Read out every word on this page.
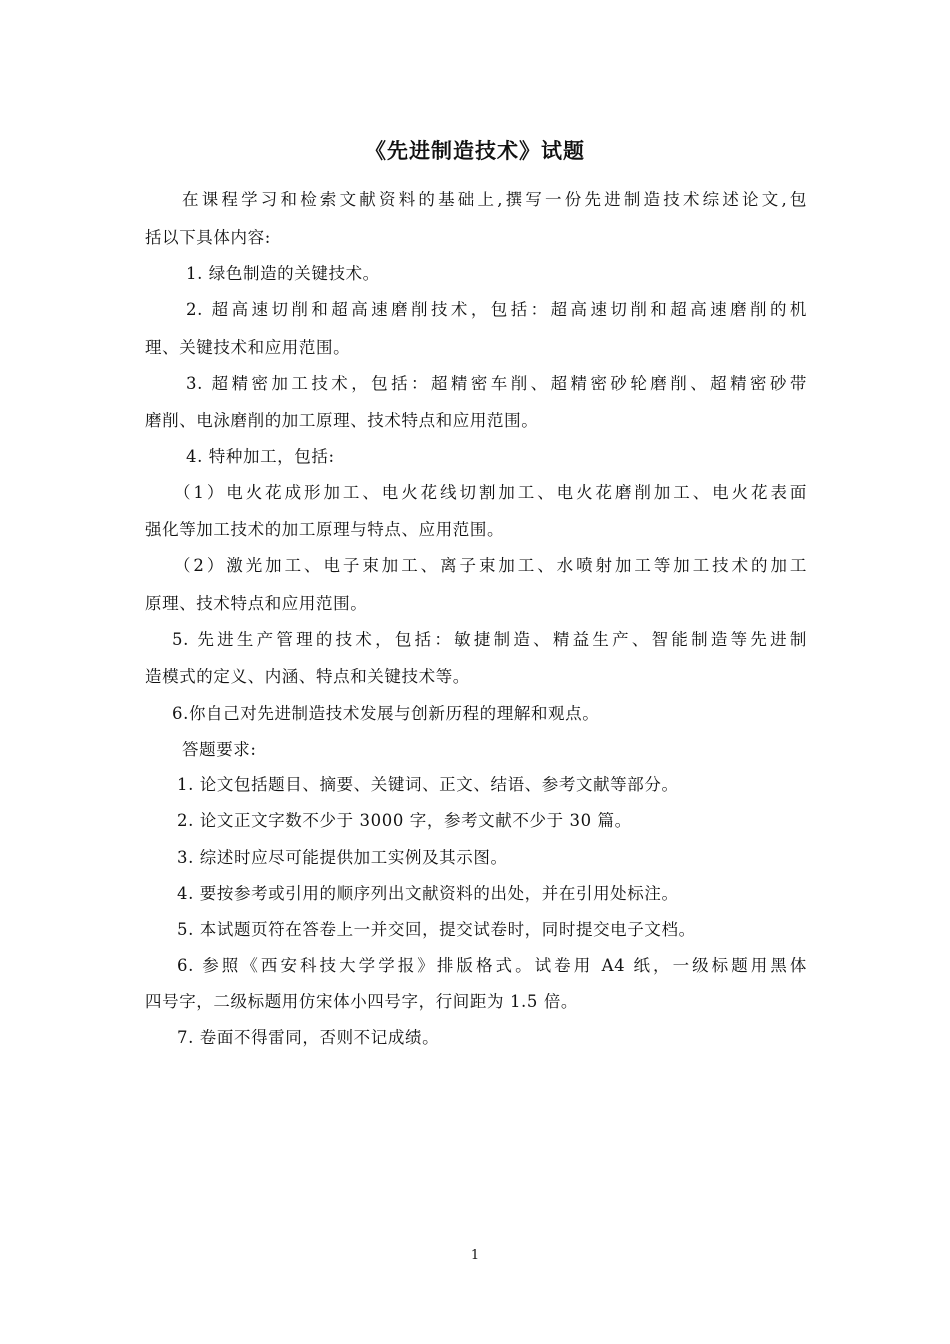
《先进制造技术》试题
在课程学习和检索文献资料的基础上,撰写一份先进制造技术综述论文,包
括以下具体内容:
1. 绿色制造的关键技术。
2. 超高速切削和超高速磨削技术，包括：超高速切削和超高速磨削的机
理、关键技术和应用范围。
3. 超精密加工技术，包括：超精密车削、超精密砂轮磨削、超精密砂带
磨削、电泳磨削的加工原理、技术特点和应用范围。
4. 特种加工，包括:
（1）电火花成形加工、电火花线切割加工、电火花磨削加工、电火花表面
强化等加工技术的加工原理与特点、应用范围。
（2）激光加工、电子束加工、离子束加工、水喷射加工等加工技术的加工
原理、技术特点和应用范围。
5. 先进生产管理的技术，包括：敏捷制造、精益生产、智能制造等先进制
造模式的定义、内涵、特点和关键技术等。
6.你自己对先进制造技术发展与创新历程的理解和观点。
答题要求:
1. 论文包括题目、摘要、关键词、正文、结语、参考文献等部分。
2. 论文正文字数不少于 3000 字，参考文献不少于 30 篇。
3. 综述时应尽可能提供加工实例及其示图。
4. 要按参考或引用的顺序列出文献资料的出处，并在引用处标注。
5. 本试题页符在答卷上一并交回，提交试卷时，同时提交电子文档。
6. 参照《西安科技大学学报》排版格式。试卷用 A4 纸，一级标题用黑体
四号字，二级标题用仿宋体小四号字，行间距为 1.5 倍。
7. 卷面不得雷同，否则不记成绩。
1
